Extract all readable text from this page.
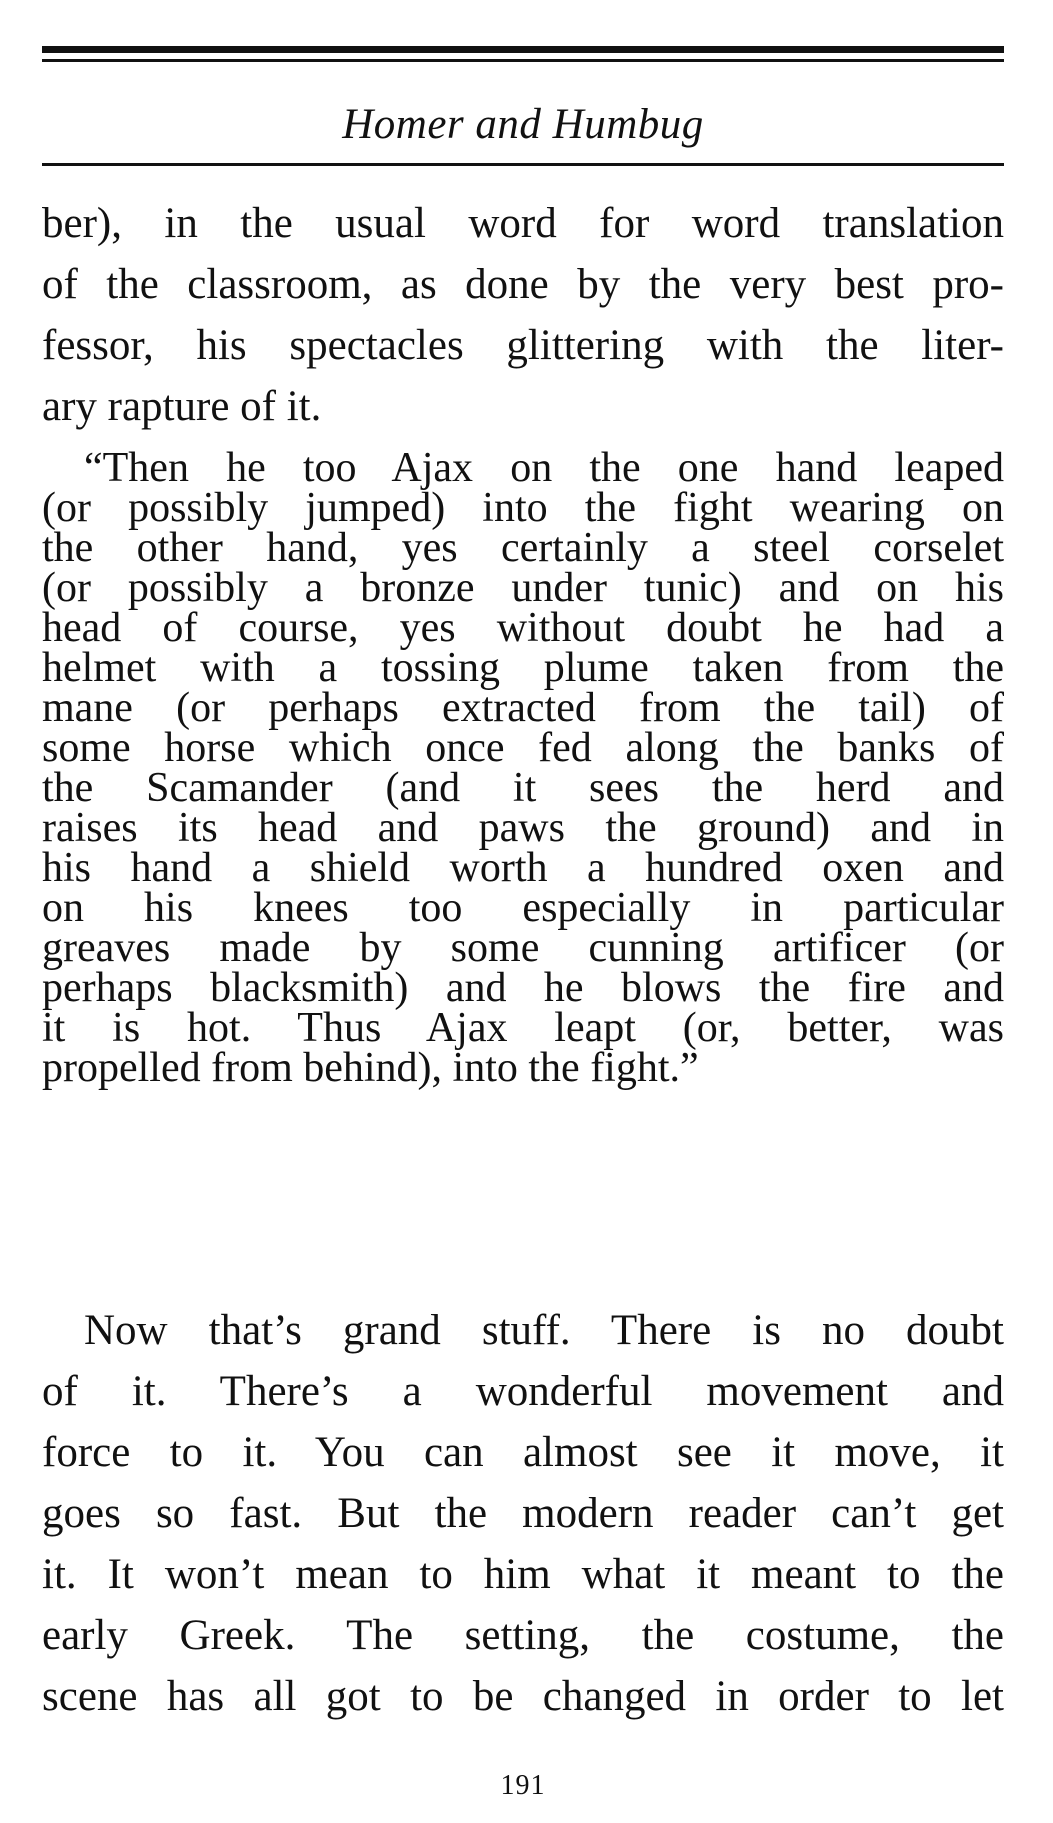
Homer and Humbug
ber), in the usual word for word translation
of the classroom, as done by the very best pro-
fessor, his spectacles glittering with the liter-
ary rapture of it.
“Then he too Ajax on the one hand leaped
(or possibly jumped) into the fight wearing on
the other hand, yes certainly a steel corselet
(or possibly a bronze under tunic) and on his
head of course, yes without doubt he had a
helmet with a tossing plume taken from the
mane (or perhaps extracted from the tail) of
some horse which once fed along the banks of
the Scamander (and it sees the herd and
raises its head and paws the ground) and in
his hand a shield worth a hundred oxen and
on his knees too especially in particular
greaves made by some cunning artificer (or
perhaps blacksmith) and he blows the fire and
it is hot. Thus Ajax leapt (or, better, was
propelled from behind), into the fight.”
Now that’s grand stuff. There is no doubt
of it. There’s a wonderful movement and
force to it. You can almost see it move, it
goes so fast. But the modern reader can’t get
it. It won’t mean to him what it meant to the
early Greek. The setting, the costume, the
scene has all got to be changed in order to let
191
